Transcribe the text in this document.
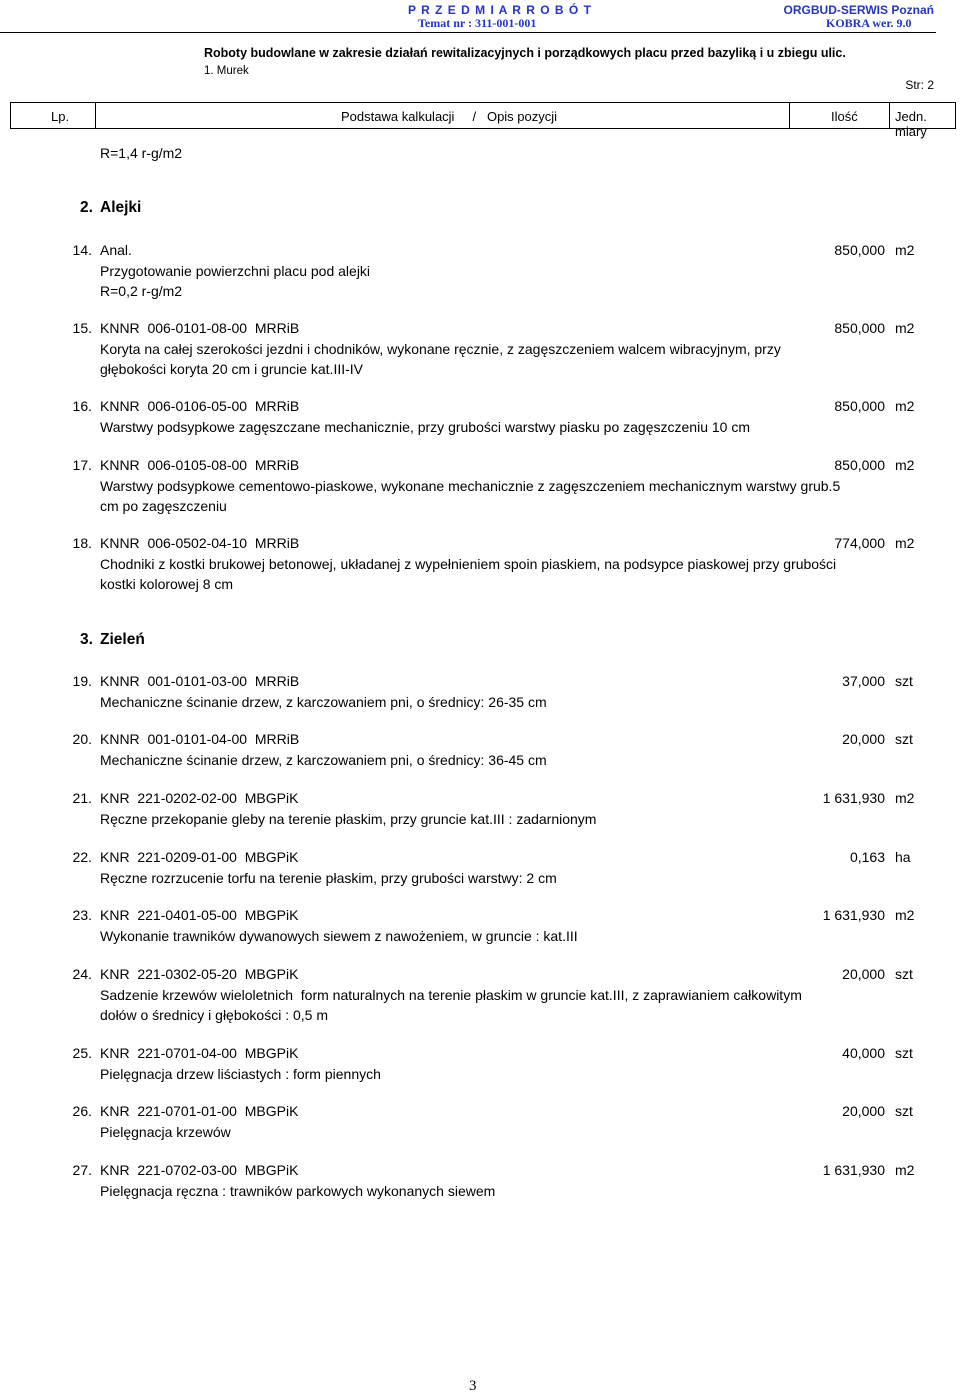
P R Z E D M I A R R O B Ó T
Temat nr : 311-001-001
ORGBUD-SERWIS Poznań
KOBRA wer. 9.0
Roboty budowlane w zakresie działań rewitalizacyjnych i porządkowych placu przed bazyliką i u zbiegu ulic.
1. Murek
Str: 2
Lp.	Podstawa kalkulacji     /   Opis pozycji	Ilość	Jedn. miary
R=1,4 r-g/m2
2. Alejki
14. Anal.	850,000 m2
Przygotowanie powierzchni placu pod alejki
R=0,2 r-g/m2
15. KNNR  006-0101-08-00  MRRiB	850,000 m2
Koryta na całej szerokości jezdni i chodników, wykonane ręcznie, z zagęszczeniem walcem wibracyjnym, przy
głębokości koryta 20 cm i gruncie kat.III-IV
16. KNNR  006-0106-05-00  MRRiB	850,000 m2
Warstwy podsypkowe zagęszczane mechanicznie, przy grubości warstwy piasku po zagęszczeniu 10 cm
17. KNNR  006-0105-08-00  MRRiB	850,000 m2
Warstwy podsypkowe cementowo-piaskowe, wykonane mechanicznie z zagęszczeniem mechanicznym warstwy grub.5
cm po zagęszczeniu
18. KNNR  006-0502-04-10  MRRiB	774,000 m2
Chodniki z kostki brukowej betonowej, układanej z wypełnieniem spoin piaskiem, na podsypce piaskowej przy grubości
kostki kolorowej 8 cm
3. Zieleń
19. KNNR  001-0101-03-00  MRRiB	37,000 szt
Mechaniczne ścinanie drzew, z karczowaniem pni, o średnicy: 26-35 cm
20. KNNR  001-0101-04-00  MRRiB	20,000 szt
Mechaniczne ścinanie drzew, z karczowaniem pni, o średnicy: 36-45 cm
21. KNR  221-0202-02-00  MBGPiK	1 631,930 m2
Ręczne przekopanie gleby na terenie płaskim, przy gruncie kat.III : zadarnionym
22. KNR  221-0209-01-00  MBGPiK	0,163 ha
Ręczne rozrzucenie torfu na terenie płaskim, przy grubości warstwy: 2 cm
23. KNR  221-0401-05-00  MBGPiK	1 631,930 m2
Wykonanie trawników dywanowych siewem z nawożeniem, w gruncie : kat.III
24. KNR  221-0302-05-20  MBGPiK	20,000 szt
Sadzenie krzewów wieloletnich  form naturalnych na terenie płaskim w gruncie kat.III, z zaprawianiem całkowitym
dołów o średnicy i głębokości : 0,5 m
25. KNR  221-0701-04-00  MBGPiK	40,000 szt
Pielęgnacja drzew liściastych : form piennych
26. KNR  221-0701-01-00  MBGPiK	20,000 szt
Pielęgnacja krzewów
27. KNR  221-0702-03-00  MBGPiK	1 631,930 m2
Pielęgnacja ręczna : trawników parkowych wykonanych siewem
3
